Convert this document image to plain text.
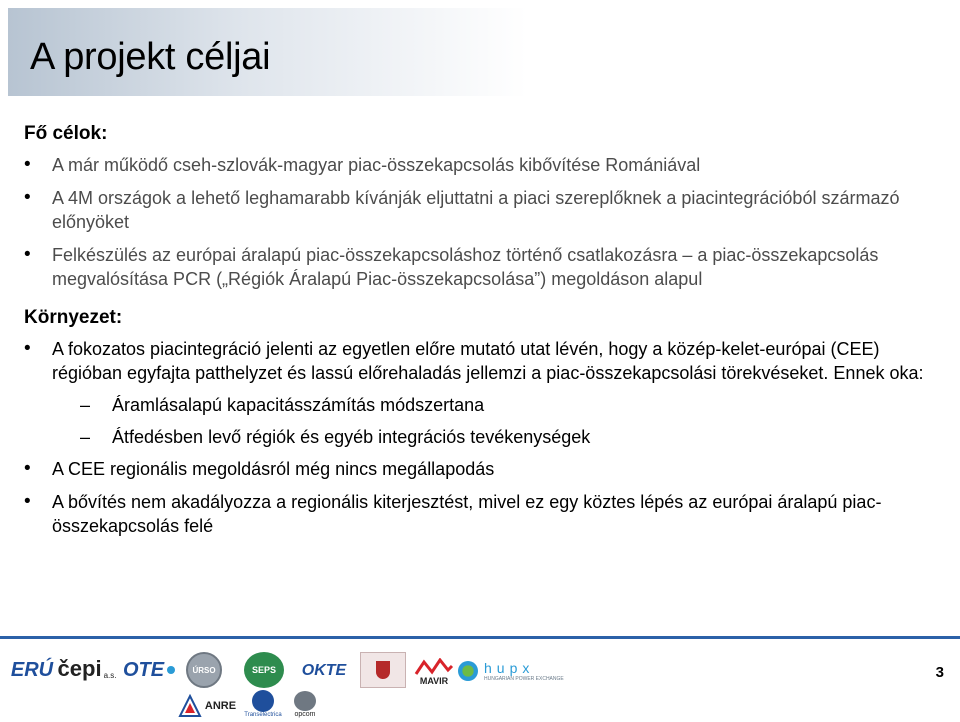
A projekt céljai
Fő célok:
• A már működő cseh-szlovák-magyar piac-összekapcsolás kibővítése Romániával
• A 4M országok a lehető leghamarabb kívánják eljuttatni a piaci szereplőknek a piacintegrációból származó előnyöket
• Felkészülés az európai áralapú piac-összekapcsoláshoz történő csatlakozásra – a piac-összekapcsolás megvalósítása PCR („Régiók Áralapú Piac-összekapcsolása”) megoldáson alapul
Környezet:
• A fokozatos piacintegráció jelenti az egyetlen előre mutató utat lévén, hogy a közép-kelet-európai (CEE) régióban egyfajta patthelyzet és lassú előrehaladás jellemzi a piac-összekapcsolási törekvéseket. Ennek oka:
– Áramlásalapú kapacitásszámítás módszertana
– Átfedésben levő régiók és egyéb integrációs tevékenységek
• A CEE regionális megoldásról még nincs megállapodás
• A bővítés nem akadályozza a regionális kiterjesztést, mivel ez egy köztes lépés az európai áralapú piac-összekapcsolás felé
ERÚ čepi a.s. OTE	ÚRSO	SEPS OKTE
MAVIR
hupx
HUNGARIAN POWER EXCHANGE
ANRE
Transelectrica opcom
3
